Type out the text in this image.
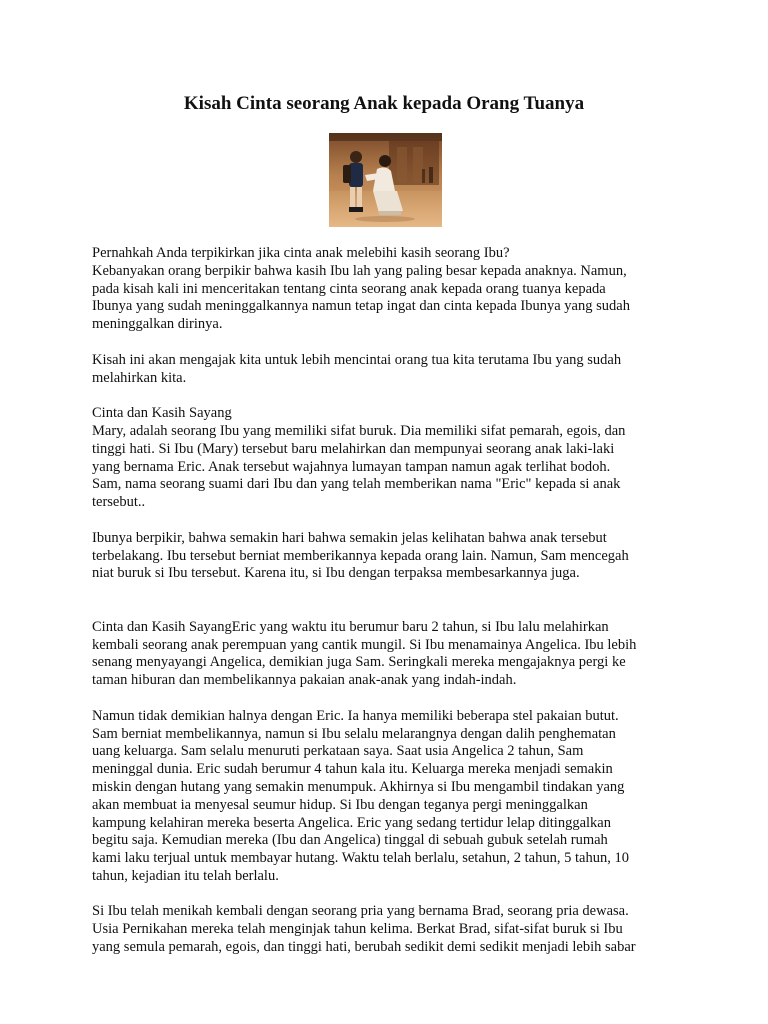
Kisah Cinta seorang Anak kepada Orang Tuanya
Pernahkah Anda terpikirkan jika cinta anak melebihi kasih seorang Ibu?
Kebanyakan orang berpikir bahwa kasih Ibu lah yang paling besar kepada anaknya. Namun,
pada kisah kali ini menceritakan tentang cinta seorang anak kepada orang tuanya kepada
Ibunya yang sudah meninggalkannya namun tetap ingat dan cinta kepada Ibunya yang sudah
meninggalkan dirinya.
Kisah ini akan mengajak kita untuk lebih mencintai orang tua kita terutama Ibu yang sudah
melahirkan kita.
Cinta dan Kasih Sayang
Mary, adalah seorang Ibu yang memiliki sifat buruk. Dia memiliki sifat pemarah, egois, dan
tinggi hati. Si Ibu (Mary) tersebut baru melahirkan dan mempunyai seorang anak laki-laki
yang bernama Eric. Anak tersebut wajahnya lumayan tampan namun agak terlihat bodoh.
Sam, nama seorang suami dari Ibu dan yang telah memberikan nama "Eric" kepada si anak
tersebut..
Ibunya berpikir, bahwa semakin hari bahwa semakin jelas kelihatan bahwa anak tersebut
terbelakang. Ibu tersebut berniat memberikannya kepada orang lain. Namun, Sam mencegah
niat buruk si Ibu tersebut. Karena itu, si Ibu dengan terpaksa membesarkannya juga.
Cinta dan Kasih SayangEric yang waktu itu berumur baru 2 tahun, si Ibu lalu melahirkan
kembali seorang anak perempuan yang cantik mungil. Si Ibu menamainya Angelica. Ibu lebih
senang menyayangi Angelica, demikian juga Sam. Seringkali mereka mengajaknya pergi ke
taman hiburan dan membelikannya pakaian anak-anak yang indah-indah.
Namun tidak demikian halnya dengan Eric. Ia hanya memiliki beberapa stel pakaian butut.
Sam berniat membelikannya, namun si Ibu selalu melarangnya dengan dalih penghematan
uang keluarga. Sam selalu menuruti perkataan saya. Saat usia Angelica 2 tahun, Sam
meninggal dunia. Eric sudah berumur 4 tahun kala itu. Keluarga mereka menjadi semakin
miskin dengan hutang yang semakin menumpuk. Akhirnya si Ibu mengambil tindakan yang
akan membuat ia menyesal seumur hidup. Si Ibu dengan teganya pergi meninggalkan
kampung kelahiran mereka beserta Angelica. Eric yang sedang tertidur lelap ditinggalkan
begitu saja. Kemudian mereka (Ibu dan Angelica) tinggal di sebuah gubuk setelah rumah
kami laku terjual untuk membayar hutang. Waktu telah berlalu, setahun, 2 tahun, 5 tahun, 10
tahun, kejadian itu telah berlalu.
Si Ibu telah menikah kembali dengan seorang pria yang bernama Brad, seorang pria dewasa.
Usia Pernikahan mereka telah menginjak tahun kelima. Berkat Brad, sifat-sifat buruk si Ibu
yang semula pemarah, egois, dan tinggi hati, berubah sedikit demi sedikit menjadi lebih sabar
